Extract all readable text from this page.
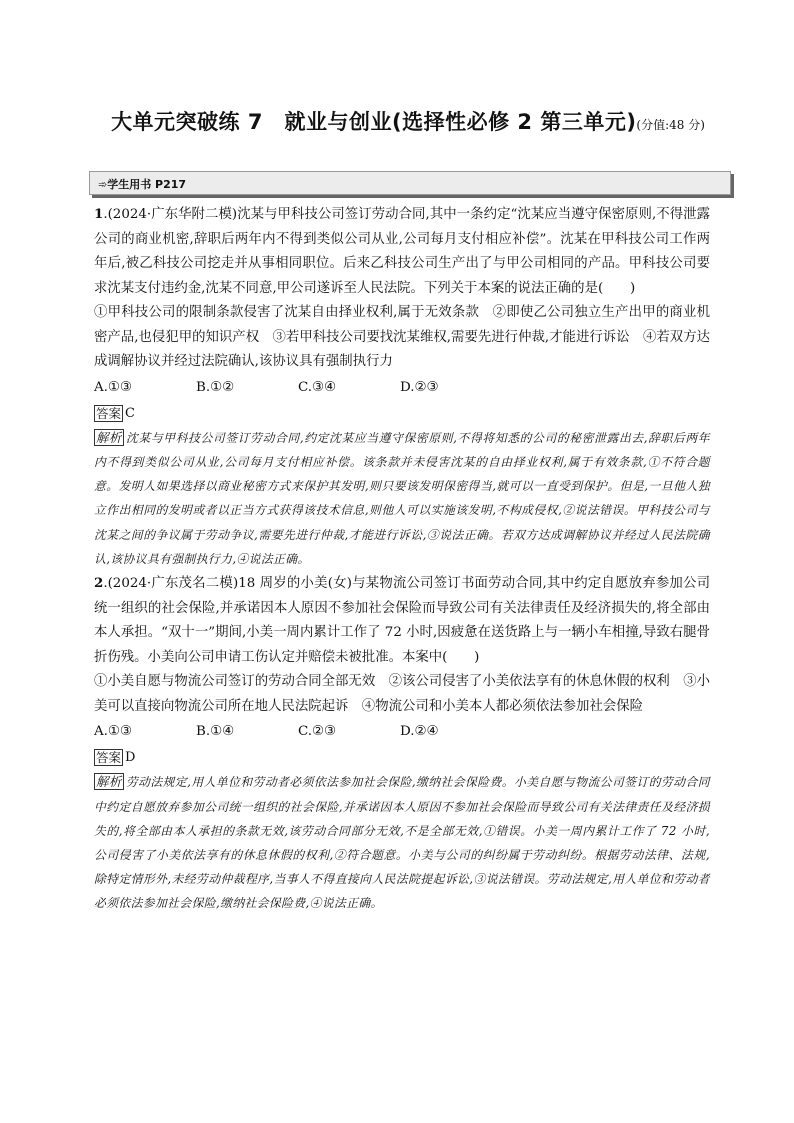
大单元突破练 7　就业与创业(选择性必修 2 第三单元)(分值:48 分)
➾学生用书 P217

1.(2024·广东华附二模)沈某与甲科技公司签订劳动合同,其中一条约定“沈某应当遵守保密原则,不得泄露公司的商业机密,辞职后两年内不得到类似公司从业,公司每月支付相应补偿”。沈某在甲科技公司工作两年后,被乙科技公司挖走并从事相同职位。后来乙科技公司生产出了与甲公司相同的产品。甲科技公司要求沈某支付违约金,沈某不同意,甲公司遂诉至人民法院。下列关于本案的说法正确的是(　　)

①甲科技公司的限制条款侵害了沈某自由择业权利,属于无效条款　②即使乙公司独立生产出甲的商业机密产品,也侵犯甲的知识产权　③若甲科技公司要找沈某维权,需要先进行仲裁,才能进行诉讼　④若双方达成调解协议并经过法院确认,该协议具有强制执行力

A.①③	B.①②	C.③④	D.②③
答案 C

解析 沈某与甲科技公司签订劳动合同,约定沈某应当遵守保密原则,不得将知悉的公司的秘密泄露出去,辞职后两年内不得到类似公司从业,公司每月支付相应补偿。该条款并未侵害沈某的自由择业权利,属于有效条款,①不符合题意。发明人如果选择以商业秘密方式来保护其发明,则只要该发明保密得当,就可以一直受到保护。但是,一旦他人独立作出相同的发明或者以正当方式获得该技术信息,则他人可以实施该发明,不构成侵权,②说法错误。甲科技公司与沈某之间的争议属于劳动争议,需要先进行仲裁,才能进行诉讼,③说法正确。若双方达成调解协议并经过人民法院确认,该协议具有强制执行力,④说法正确。

2.(2024·广东茂名二模)18 周岁的小美(女)与某物流公司签订书面劳动合同,其中约定自愿放弃参加公司统一组织的社会保险,并承诺因本人原因不参加社会保险而导致公司有关法律责任及经济损失的,将全部由本人承担。“双十一”期间,小美一周内累计工作了 72 小时,因疲惫在送货路上与一辆小车相撞,导致右腿骨折伤残。小美向公司申请工伤认定并赔偿未被批准。本案中(　　)

①小美自愿与物流公司签订的劳动合同全部无效　②该公司侵害了小美依法享有的休息休假的权利　③小美可以直接向物流公司所在地人民法院起诉　④物流公司和小美本人都必须依法参加社会保险

A.①③	B.①④	C.②③	D.②④
答案 D

解析 劳动法规定,用人单位和劳动者必须依法参加社会保险,缴纳社会保险费。小美自愿与物流公司签订的劳动合同中约定自愿放弃参加公司统一组织的社会保险,并承诺因本人原因不参加社会保险而导致公司有关法律责任及经济损失的,将全部由本人承担的条款无效,该劳动合同部分无效,不是全部无效,①错误。小美一周内累计工作了 72 小时,公司侵害了小美依法享有的休息休假的权利,②符合题意。小美与公司的纠纷属于劳动纠纷。根据劳动法律、法规,除特定情形外,未经劳动仲裁程序,当事人不得直接向人民法院提起诉讼,③说法错误。劳动法规定,用人单位和劳动者必须依法参加社会保险,缴纳社会保险费,④说法正确。
